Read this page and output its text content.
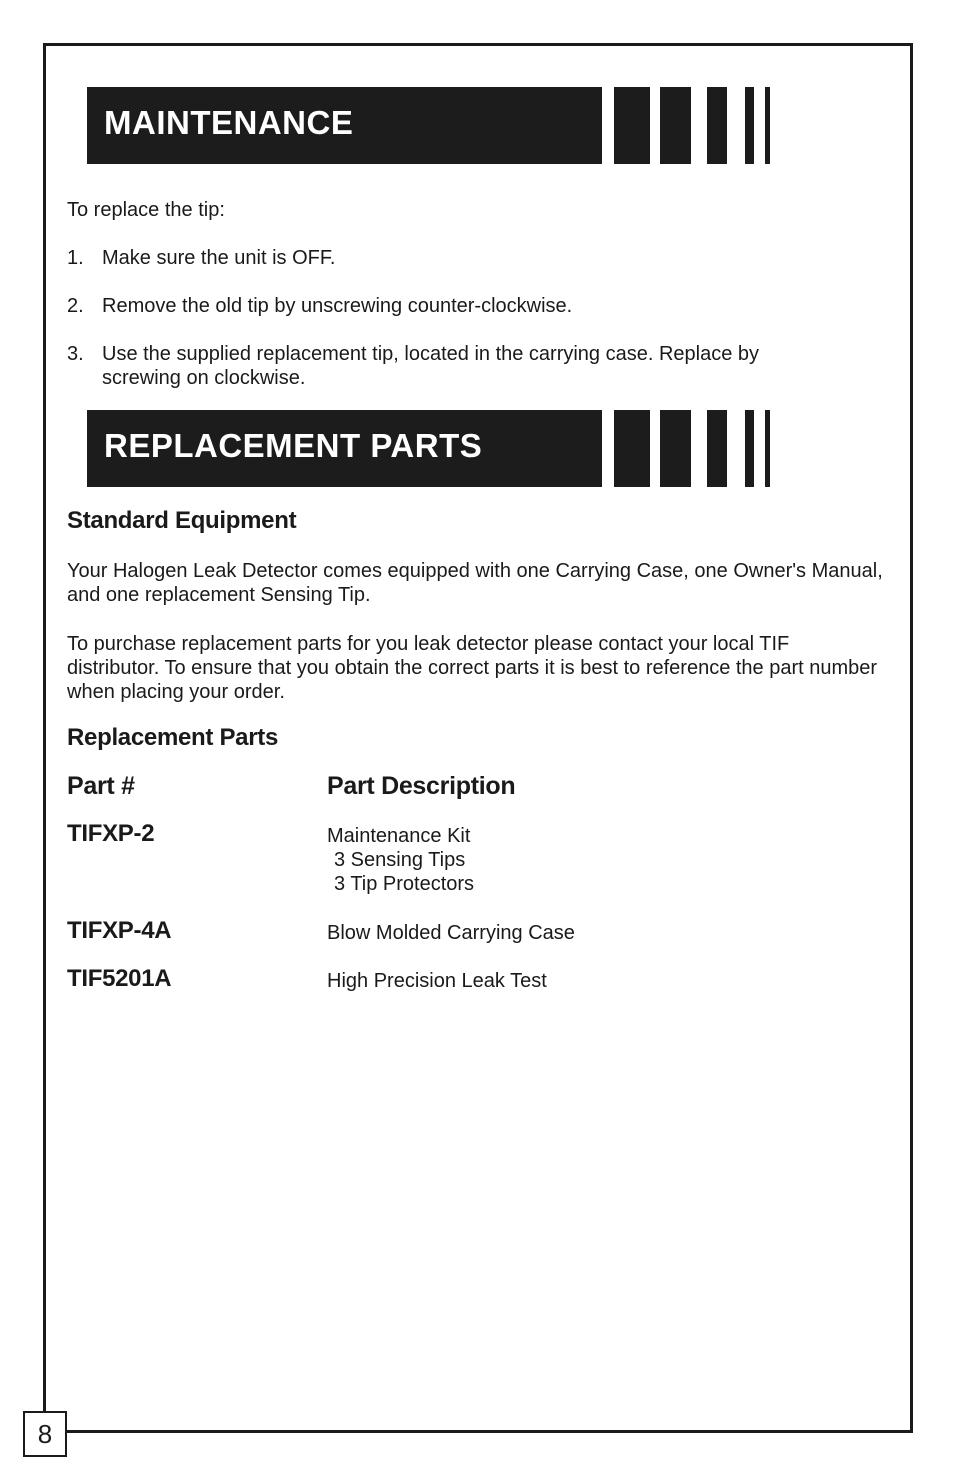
MAINTENANCE
To replace the tip:
1. Make sure the unit is OFF.
2. Remove the old tip by unscrewing counter-clockwise.
3. Use the supplied replacement tip, located in the carrying case. Replace by screwing on clockwise.
REPLACEMENT PARTS
Standard Equipment
Your Halogen Leak Detector comes equipped with one Carrying Case, one Owner's Manual, and one replacement Sensing Tip.
To purchase replacement parts for you leak detector please contact your local TIF distributor. To ensure that you obtain the correct parts it is best to reference the part number when placing your order.
Replacement Parts
Part #	Part Description
TIFXP-2	Maintenance Kit
3 Sensing Tips
3 Tip Protectors
TIFXP-4A	Blow Molded Carrying Case
TIF5201A	High Precision Leak Test
8
